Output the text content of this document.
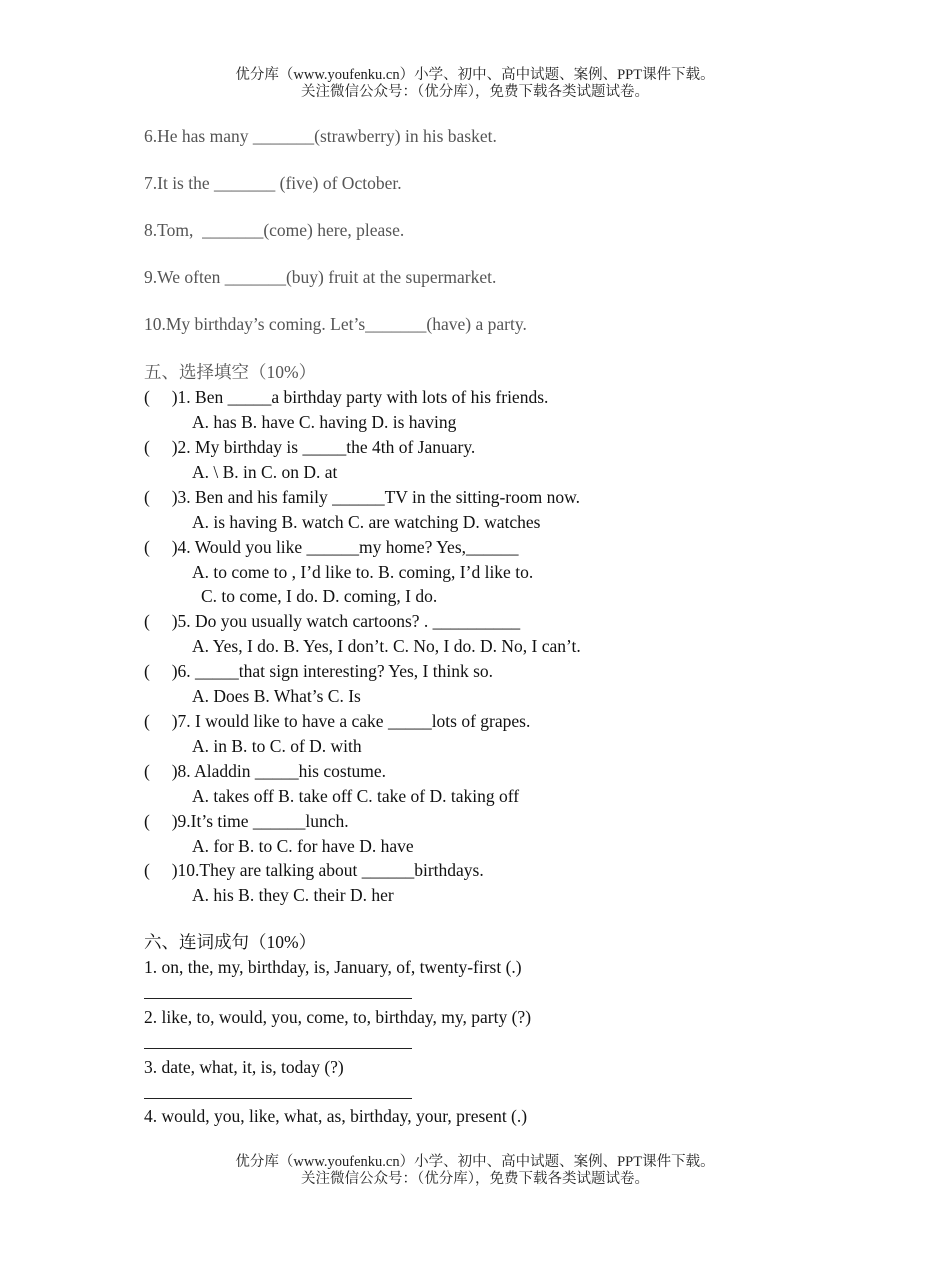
优分库（www.youfenku.cn）小学、初中、高中试题、案例、PPT课件下载。
关注微信公众号：（优分库），免费下载各类试题试卷。
6.He has many _______(strawberry) in his basket.
7.It is the _______ (five) of October.
8.Tom,  _______(come) here, please.
9.We often _______(buy) fruit at the supermarket.
10.My birthday’s coming. Let’s_______(have) a party.
五、选择填空（10%）
(     )1. Ben _____a birthday party with lots of his friends.
A. has B. have C. having D. is having
(     )2. My birthday is _____the 4th of January.
A. \ B. in C. on D. at
(     )3. Ben and his family ______TV in the sitting-room now.
A. is having B. watch C. are watching D. watches
(     )4. Would you like ______my home? Yes,______
A. to come to , I’d like to. B. coming, I’d like to.
C. to come, I do. D. coming, I do.
(     )5. Do you usually watch cartoons? . __________
A. Yes, I do. B. Yes, I don’t. C. No, I do. D. No, I can’t.
(     )6. _____that sign interesting? Yes, I think so.
A. Does B. What’s C. Is
(     )7. I would like to have a cake _____lots of grapes.
A. in B. to C. of D. with
(     )8. Aladdin _____his costume.
A. takes off B. take off C. take of D. taking off
(     )9.It’s time ______lunch.
A. for B. to C. for have D. have
(     )10.They are talking about ______birthdays.
A. his B. they C. their D. her
六、连词成句（10%）
1. on, the, my, birthday, is, January, of, twenty-first (.)
2. like, to, would, you, come, to, birthday, my, party (?)
3. date, what, it, is, today (?)
4. would, you, like, what, as, birthday, your, present (.)
优分库（www.youfenku.cn）小学、初中、高中试题、案例、PPT课件下载。
关注微信公众号：（优分库），免费下载各类试题试卷。
